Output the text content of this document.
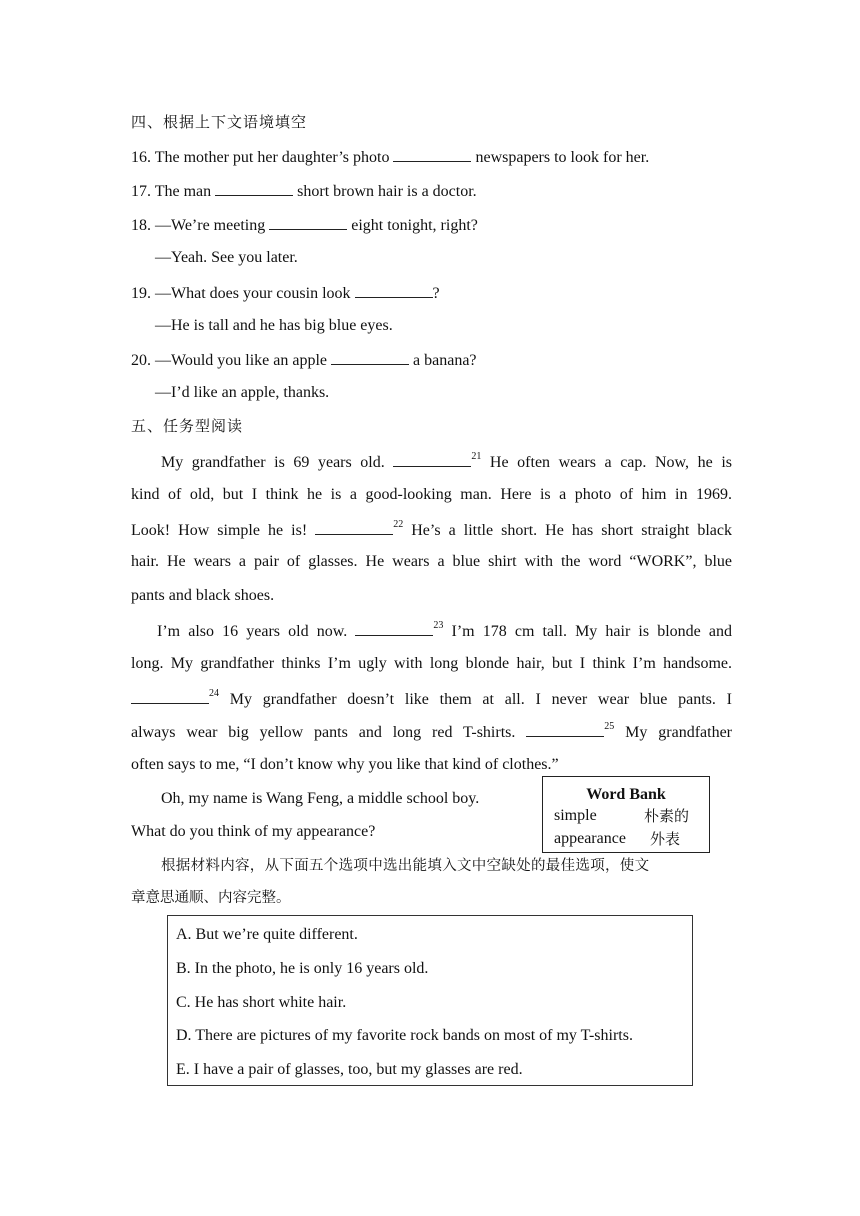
四、根据上下文语境填空
16. The mother put her daughter’s photo	newspapers to look for her.
17. The man	short brown hair is a doctor.
18. —We’re meeting	eight tonight, right?
—Yeah. See you later.
19. —What does your cousin look	?
—He is tall and he has big blue eyes.
20. —Would you like an apple	a banana?
—I’d like an apple, thanks.
五、任务型阅读
My grandfather is 69 years old.	$^{21}$ He often wears a cap. Now, he is
kind of old, but I think he is a good-looking man. Here is a photo of him in 1969.
Look! How simple he is!	$^{22}$ He’s a little short. He has short straight black
hair. He wears a pair of glasses. He wears a blue shirt with the word “WORK”, blue
pants and black shoes.
I’m also 16 years old now.	$^{23}$ I’m 178 cm tall. My hair is blonde and
long. My grandfather thinks I’m ugly with long blonde hair, but I think I’m handsome.
$^{24}$ My grandfather doesn’t like them at all. I never wear blue pants. I
always wear big yellow pants and long red T-shirts.	$^{25}$ My grandfather
often says to me, “I don’t know why you like that kind of clothes.”
Oh, my name is Wang Feng, a middle school boy.
What do you think of my appearance?
Word Bank
simple	朴素的
appearance 外表
根据材料内容，从下面五个选项中选出能填入文中空缺处的最佳选项，使文
章意思通顺、内容完整。
A. But we’re quite different.
B. In the photo, he is only 16 years old.
C. He has short white hair.
D. There are pictures of my favorite rock bands on most of my T-shirts.
E. I have a pair of glasses, too, but my glasses are red.
